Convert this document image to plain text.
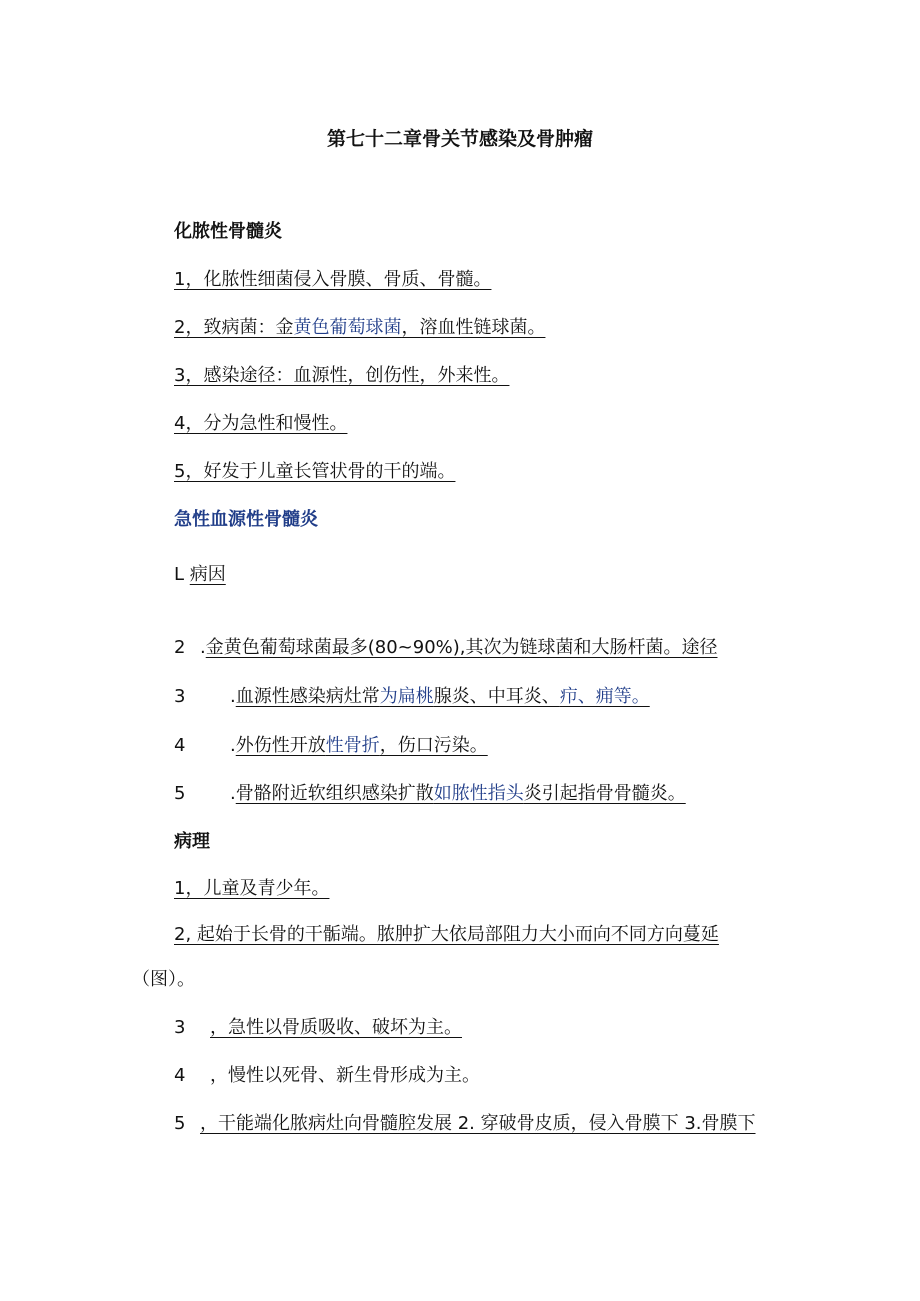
第七十二章骨关节感染及骨肿瘤
化脓性骨髓炎
1，化脓性细菌侵入骨膜、骨质、骨髓。
2，致病菌：金黄色葡萄球菌，溶血性链球菌。
3，感染途径：血源性，创伤性，外来性。
4，分为急性和慢性。
5，好发于儿童长管状骨的干的端。
急性血源性骨髓炎
L 病因
2 .金黄色葡萄球菌最多(80~90%),其次为链球菌和大肠杆菌。途径
3 .血源性感染病灶常为扁桃腺炎、中耳炎、疖、痈等。
4 .外伤性开放性骨折，伤口污染。
5 .骨骼附近软组织感染扩散如脓性指头炎引起指骨骨髓炎。
病理
1，儿童及青少年。
2, 起始于长骨的干骺端。脓肿扩大依局部阻力大小而向不同方向蔓延
（图）。
3 ，急性以骨质吸收、破坏为主。
4 ，慢性以死骨、新生骨形成为主。
5 ，干能端化脓病灶向骨髓腔发展 2. 穿破骨皮质，侵入骨膜下 3.骨膜下
